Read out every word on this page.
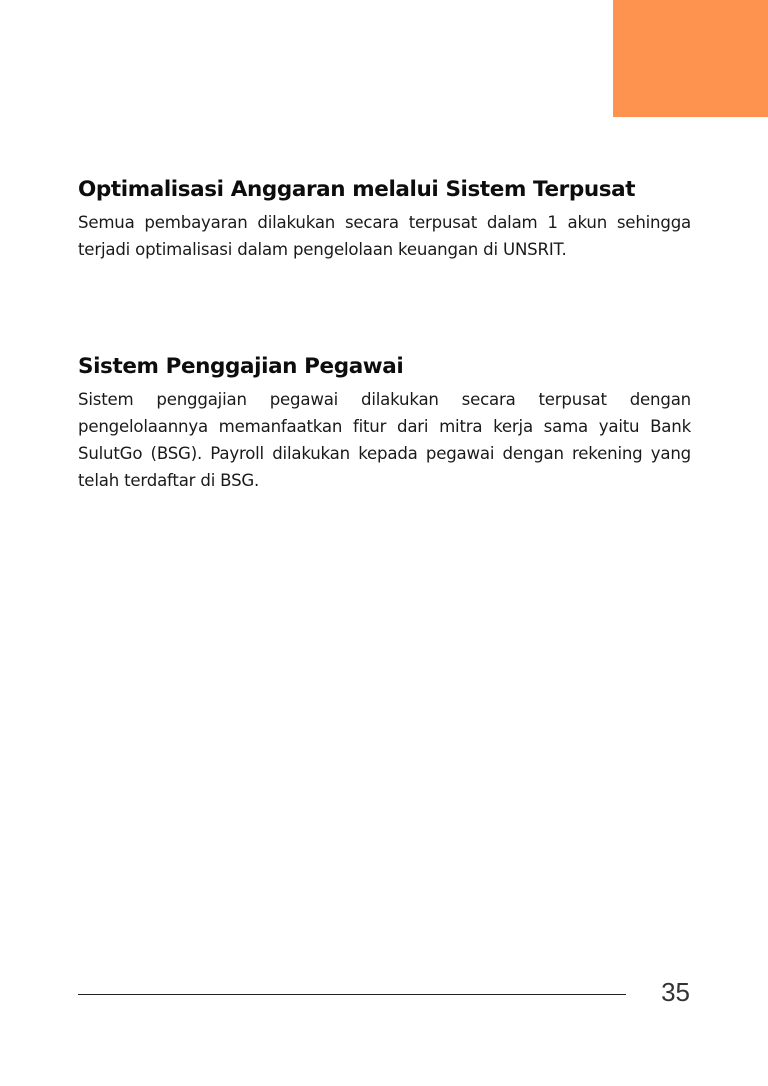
Optimalisasi Anggaran melalui Sistem Terpusat

Semua pembayaran dilakukan secara terpusat dalam 1 akun sehingga terjadi optimalisasi dalam pengelolaan keuangan di UNSRIT.

Sistem Penggajian Pegawai

Sistem penggajian pegawai dilakukan secara terpusat dengan pengelolaannya memanfaatkan fitur dari mitra kerja sama yaitu Bank SulutGo (BSG). Payroll dilakukan kepada pegawai dengan rekening yang telah terdaftar di BSG.

35
